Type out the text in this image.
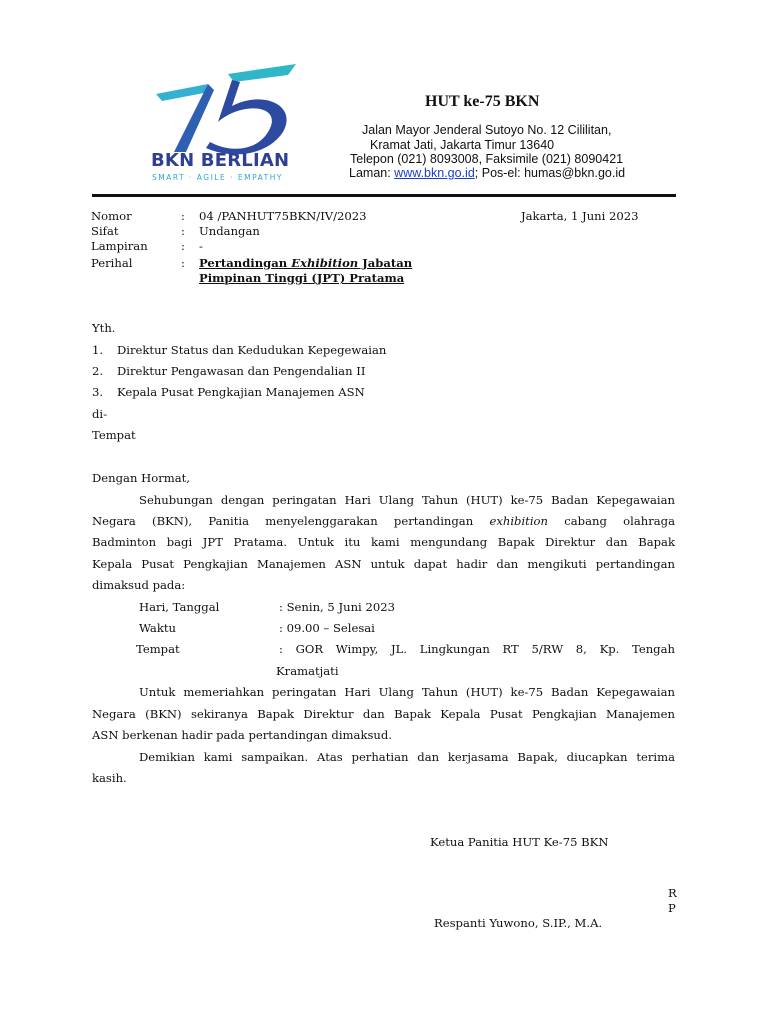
BKN BERLIAN
SMART · AGILE · EMPATHY
HUT ke-75 BKN
Jalan Mayor Jenderal Sutoyo No. 12 Cililitan,
Kramat Jati, Jakarta Timur 13640
Telepon (021) 8093008, Faksimile (021) 8090421
Laman: www.bkn.go.id; Pos-el: humas@bkn.go.id
Nomor	: 04 /PANHUT75BKN/IV/2023	Jakarta, 1 Juni 2023
Sifat	: Undangan
Lampiran	: -
Perihal	: Pertandingan Exhibition Jabatan
Pimpinan Tinggi (JPT) Pratama
Yth.
1. Direktur Status dan Kedudukan Kepegewaian
2. Direktur Pengawasan dan Pengendalian II
3. Kepala Pusat Pengkajian Manajemen ASN
di-
Tempat
Dengan Hormat,
Sehubungan dengan peringatan Hari Ulang Tahun (HUT) ke-75 Badan Kepegawaian
Negara (BKN), Panitia menyelenggarakan pertandingan exhibition cabang olahraga
Badminton bagi JPT Pratama. Untuk itu kami mengundang Bapak Direktur dan Bapak
Kepala Pusat Pengkajian Manajemen ASN untuk dapat hadir dan mengikuti pertandingan
dimaksud pada:
Hari, Tanggal	: Senin, 5 Juni 2023
Waktu	: 09.00 – Selesai
Tempat	: GOR Wimpy, JL. Lingkungan RT 5/RW 8, Kp. Tengah
Kramatjati
Untuk memeriahkan peringatan Hari Ulang Tahun (HUT) ke-75 Badan Kepegawaian
Negara (BKN) sekiranya Bapak Direktur dan Bapak Kepala Pusat Pengkajian Manajemen
ASN berkenan hadir pada pertandingan dimaksud.
Demikian kami sampaikan. Atas perhatian dan kerjasama Bapak, diucapkan terima
kasih.
Ketua Panitia HUT Ke-75 BKN
R
P
Respanti Yuwono, S.IP., M.A.
